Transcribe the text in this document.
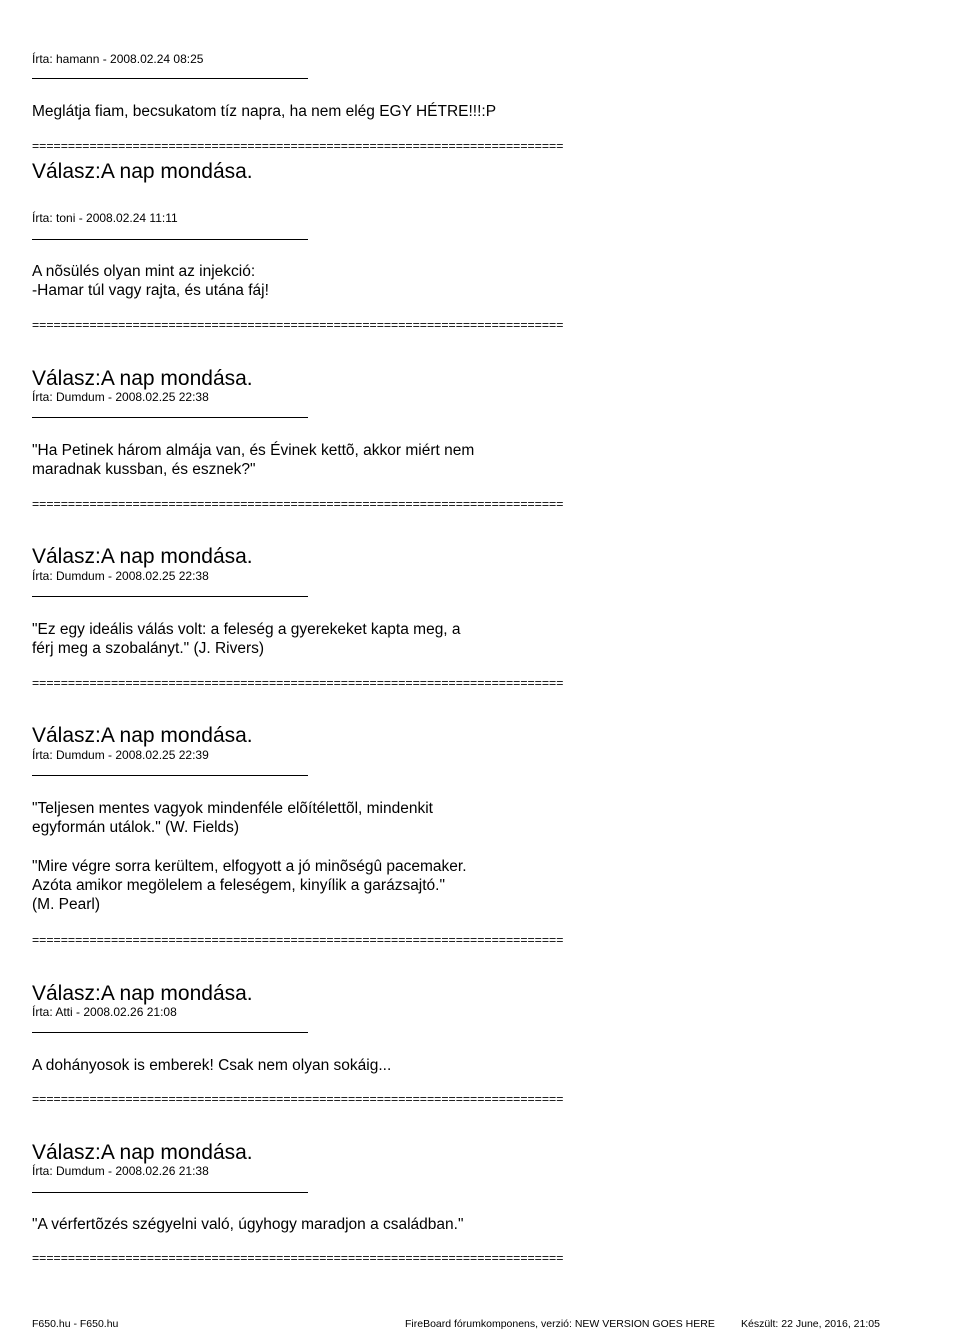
Írta: hamann - 2008.02.24 08:25
Meglátja fiam, becsukatom tíz napra, ha nem elég EGY HÉTRE!!!:P
==========================================================================
Válasz:A nap mondása.
Írta: toni - 2008.02.24 11:11
A nõsülés olyan mint az injekció:
-Hamar túl vagy rajta, és utána fáj!
==========================================================================
Válasz:A nap mondása.
Írta: Dumdum - 2008.02.25 22:38
"Ha Petinek három almája van, és Évinek kettõ, akkor miért nem
maradnak kussban, és esznek?"
==========================================================================
Válasz:A nap mondása.
Írta: Dumdum - 2008.02.25 22:38
"Ez egy ideális válás volt: a feleség a gyerekeket kapta meg, a
férj meg a szobalányt." (J. Rivers)
==========================================================================
Válasz:A nap mondása.
Írta: Dumdum - 2008.02.25 22:39
"Teljesen mentes vagyok mindenféle elõítélettõl, mindenkit
egyformán utálok." (W. Fields)
"Mire végre sorra kerültem, elfogyott a jó minõségû pacemaker.
Azóta amikor megölelem a feleségem, kinyílik a garázsajtó."
(M. Pearl)
==========================================================================
Válasz:A nap mondása.
Írta: Atti - 2008.02.26 21:08
A dohányosok is emberek! Csak nem olyan sokáig...
==========================================================================
Válasz:A nap mondása.
Írta: Dumdum - 2008.02.26 21:38
"A vérfertõzés szégyelni való, úgyhogy maradjon a családban."
==========================================================================
F650.hu - F650.hu	FireBoard fórumkomponens, verzió: NEW VERSION GOES HERE Készült: 22 June, 2016, 21:05
